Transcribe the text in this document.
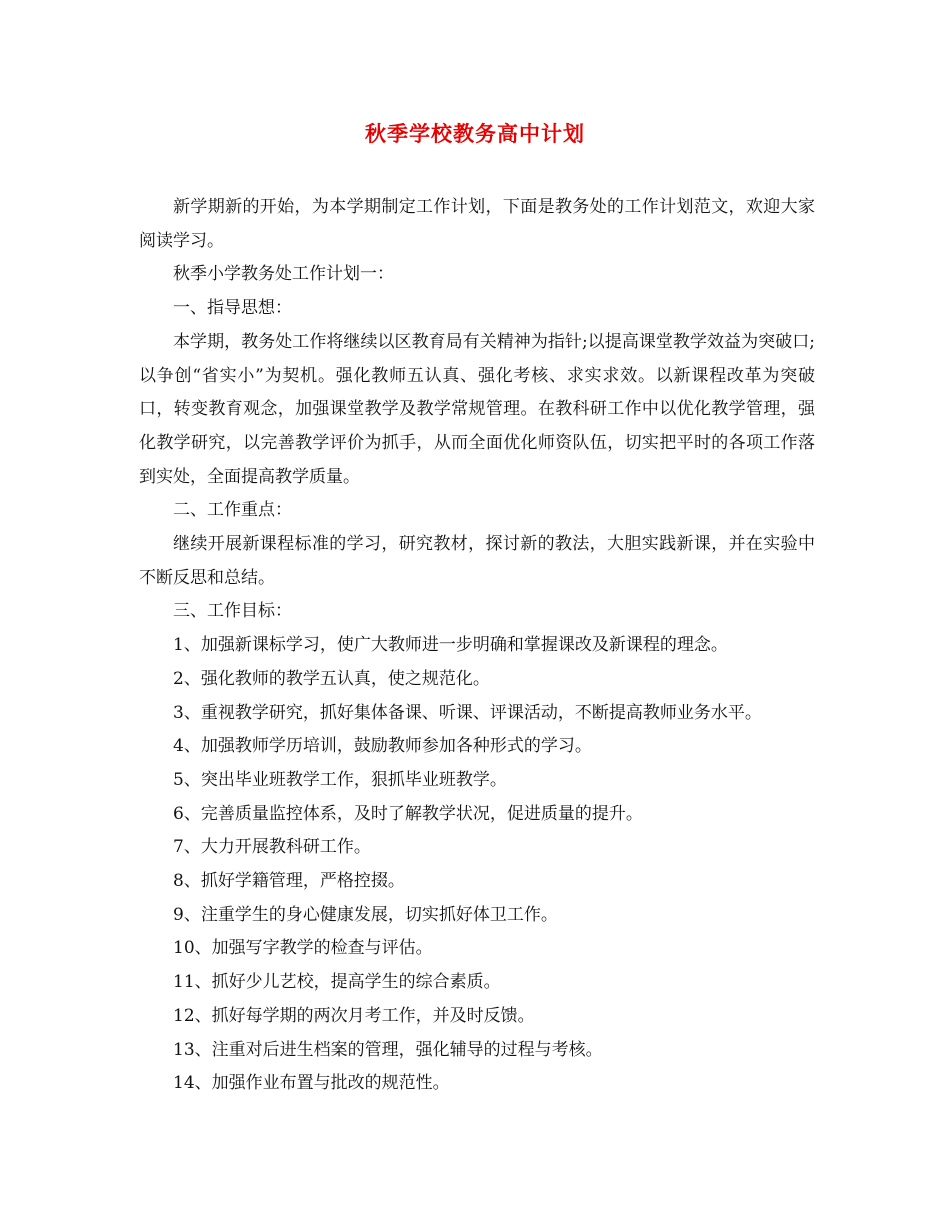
秋季学校教务高中计划

新学期新的开始，为本学期制定工作计划，下面是教务处的工作计划范文，欢迎大家阅读学习。

秋季小学教务处工作计划一：

一、指导思想：

本学期，教务处工作将继续以区教育局有关精神为指针;以提高课堂教学效益为突破口;以争创“省实小”为契机。强化教师五认真、强化考核、求实求效。以新课程改革为突破口，转变教育观念，加强课堂教学及教学常规管理。在教科研工作中以优化教学管理，强化教学研究，以完善教学评价为抓手，从而全面优化师资队伍，切实把平时的各项工作落到实处，全面提高教学质量。

二、工作重点：

继续开展新课程标准的学习，研究教材，探讨新的教法，大胆实践新课，并在实验中不断反思和总结。

三、工作目标：

1、加强新课标学习，使广大教师进一步明确和掌握课改及新课程的理念。

2、强化教师的教学五认真，使之规范化。

3、重视教学研究，抓好集体备课、听课、评课活动，不断提高教师业务水平。

4、加强教师学历培训，鼓励教师参加各种形式的学习。

5、突出毕业班教学工作，狠抓毕业班教学。

6、完善质量监控体系，及时了解教学状况，促进质量的提升。

7、大力开展教科研工作。

8、抓好学籍管理，严格控掇。

9、注重学生的身心健康发展，切实抓好体卫工作。

10、加强写字教学的检查与评估。

11、抓好少儿艺校，提高学生的综合素质。

12、抓好每学期的两次月考工作，并及时反馈。

13、注重对后进生档案的管理，强化辅导的过程与考核。

14、加强作业布置与批改的规范性。
